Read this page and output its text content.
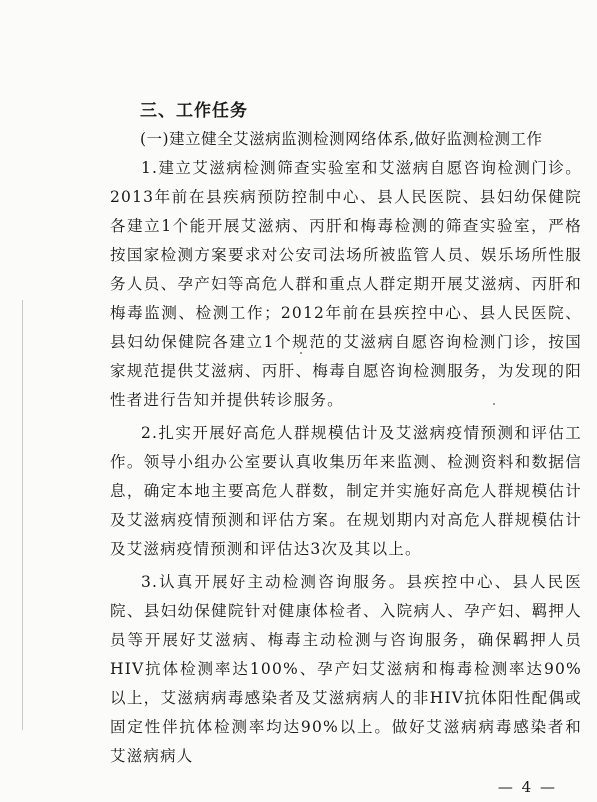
三、工作任务
(一)建立健全艾滋病监测检测网络体系,做好监测检测工作

1.建立艾滋病检测筛查实验室和艾滋病自愿咨询检测门诊。2013年前在县疾病预防控制中心、县人民医院、县妇幼保健院各建立1个能开展艾滋病、丙肝和梅毒检测的筛查实验室，严格按国家检测方案要求对公安司法场所被监管人员、娱乐场所性服务人员、孕产妇等高危人群和重点人群定期开展艾滋病、丙肝和梅毒监测、检测工作；2012年前在县疾控中心、县人民医院、县妇幼保健院各建立1个规范的艾滋病自愿咨询检测门诊，按国家规范提供艾滋病、丙肝、梅毒自愿咨询检测服务，为发现的阳性者进行告知并提供转诊服务。

2.扎实开展好高危人群规模估计及艾滋病疫情预测和评估工作。领导小组办公室要认真收集历年来监测、检测资料和数据信息，确定本地主要高危人群数，制定并实施好高危人群规模估计及艾滋病疫情预测和评估方案。在规划期内对高危人群规模估计及艾滋病疫情预测和评估达3次及其以上。

3.认真开展好主动检测咨询服务。县疾控中心、县人民医院、县妇幼保健院针对健康体检者、入院病人、孕产妇、羁押人员等开展好艾滋病、梅毒主动检测与咨询服务，确保羁押人员HIV抗体检测率达100%、孕产妇艾滋病和梅毒检测率达90%以上，艾滋病病毒感染者及艾滋病病人的非HIV抗体阳性配偶或固定性伴抗体检测率均达90%以上。做好艾滋病病毒感染者和艾滋病病人

— 4 —
